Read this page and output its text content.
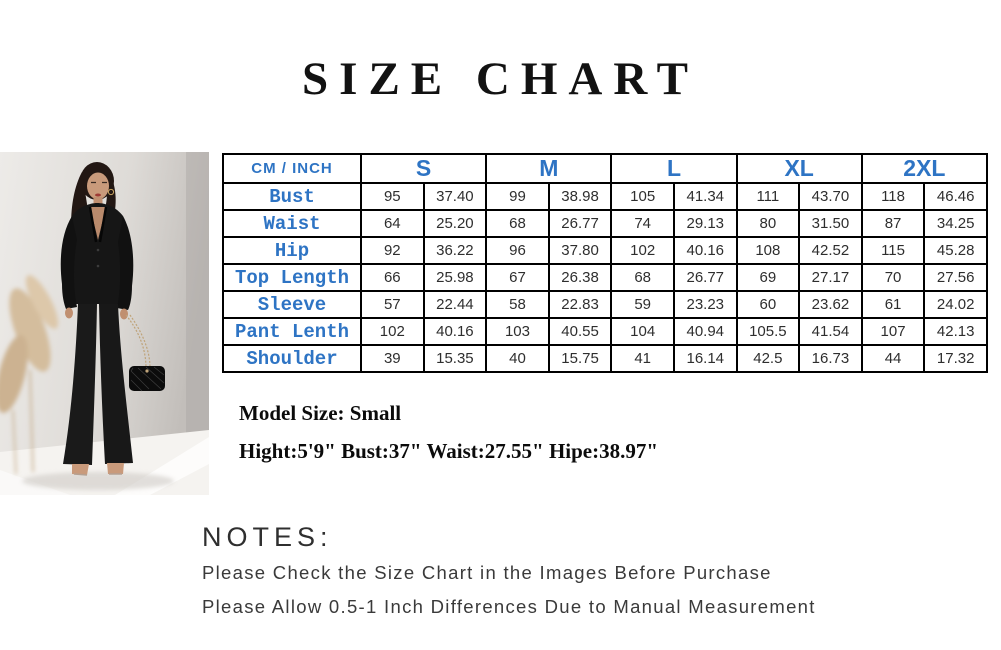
SIZE CHART
CM / INCH	S		M		L		XL		2XL	
Bust	95	37.40	99	38.98	105	41.34	111	43.70	118	46.46
Waist	64	25.20	68	26.77	74	29.13	80	31.50	87	34.25
Hip	92	36.22	96	37.80	102	40.16	108	42.52	115	45.28
Top Length	66	25.98	67	26.38	68	26.77	69	27.17	70	27.56
Sleeve	57	22.44	58	22.83	59	23.23	60	23.62	61	24.02
Pant Lenth	102	40.16	103	40.55	104	40.94	105.5	41.54	107	42.13
Shoulder	39	15.35	40	15.75	41	16.14	42.5	16.73	44	17.32

Model Size: Small

Hight:5'9" Bust:37" Waist:27.55" Hipe:38.97"

NOTES:

Please Check the Size Chart in the Images Before Purchase

Please Allow 0.5-1 Inch Differences Due to Manual Measurement
